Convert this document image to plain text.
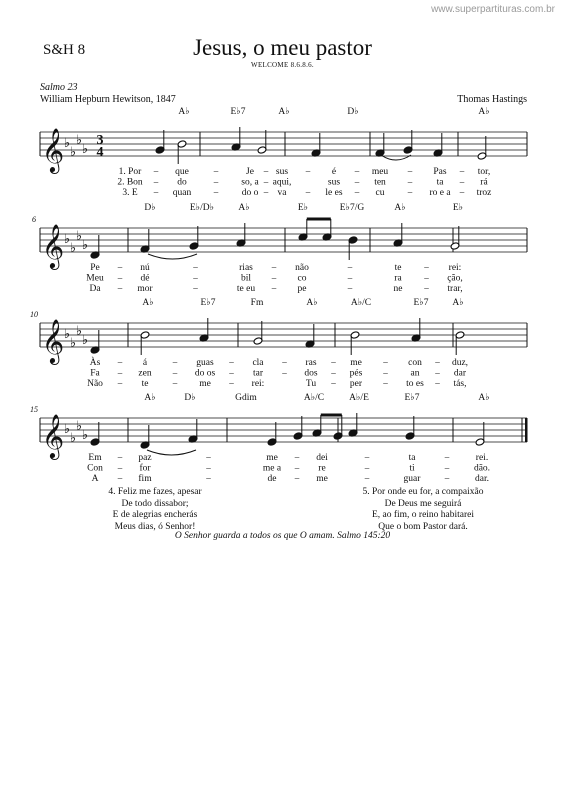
www.superpartituras.com.br
S&H 8	Jesus, o meu pastor
WELCOME 8.6.8.6.
Salmo 23
William Hepburn Hewitson, 1847	Thomas Hastings
𝄞 ♭
♭
♭
♭
3
4
A♭	E♭7	A♭	D♭	A♭
1. Por – que	–	Je – sus – é – meu – Pas – tor,
2. Bon – do	– so, a – aqui,	sus – ten –	ta – rá
3. E – quan	– do o – va – le es – cu	– ro e a – troz
𝄞 ♭
♭
♭
♭
6
D♭	E♭/D♭	A♭	E♭	E♭7/G	A♭	E♭
Pe – nú	–	rias – não	–	te	– rei:
Meu – dé	–	bil – co	–	ra	– ção,
Da – mor	–	te eu – pe	–	ne – trar,
𝄞 ♭
♭
♭
♭
10
A♭	E♭7	Fm	A♭	A♭/C	E♭7	A♭
Às – á	– guas – cla – ras – me – con – duz,
Fa – zen – do os – tar – dos – pés – an – dar
Não – te	– me – rei:	Tu – per – to es – tás,
𝄞 ♭
♭
♭
♭
15
A♭	D♭	Gdim	A♭/C	A♭/E	E♭7	A♭
Em – paz	–	me – dei	–	ta	–	rei.
Con – for	–	me a – re	–	ti	–	dão.
A – fim	–	de – me	–	guar	–	dar.
4. Feliz me fazes, apesar
De todo dissabor;
E de alegrias encherás
Meus dias, ó Senhor!
5. Por onde eu for, a compaixão
De Deus me seguirá
E, ao fim, o reino habitarei
Que o bom Pastor dará.
O Senhor guarda a todos os que O amam. Salmo 145:20
